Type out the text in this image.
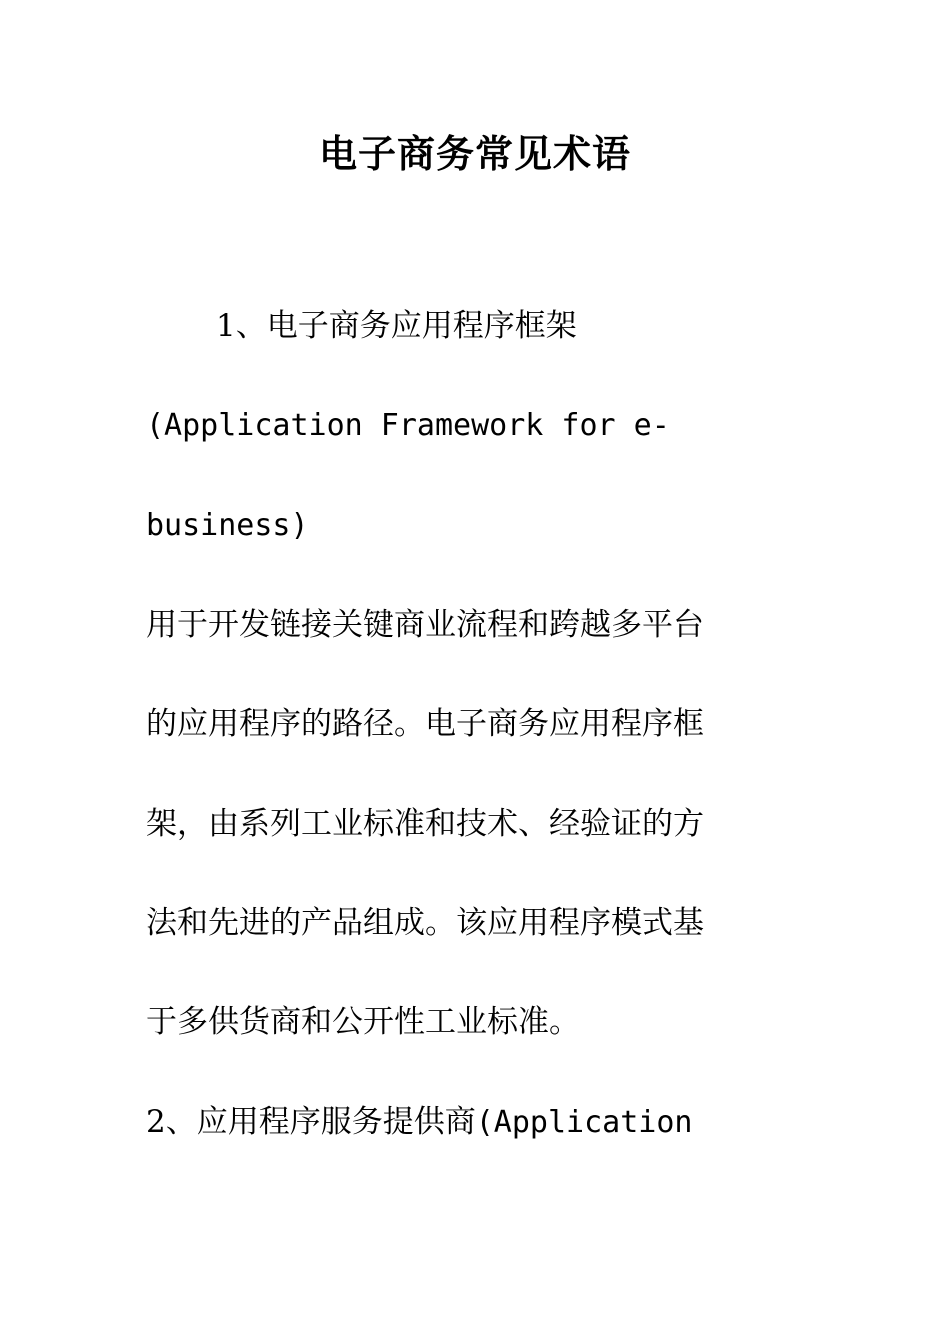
电子商务常见术语
1、电子商务应用程序框架
(Application Framework for e-
business)
用于开发链接关键商业流程和跨越多平台
的应用程序的路径。电子商务应用程序框
架，由系列工业标准和技术、经验证的方
法和先进的产品组成。该应用程序模式基
于多供货商和公开性工业标准。
2、应用程序服务提供商(Application
